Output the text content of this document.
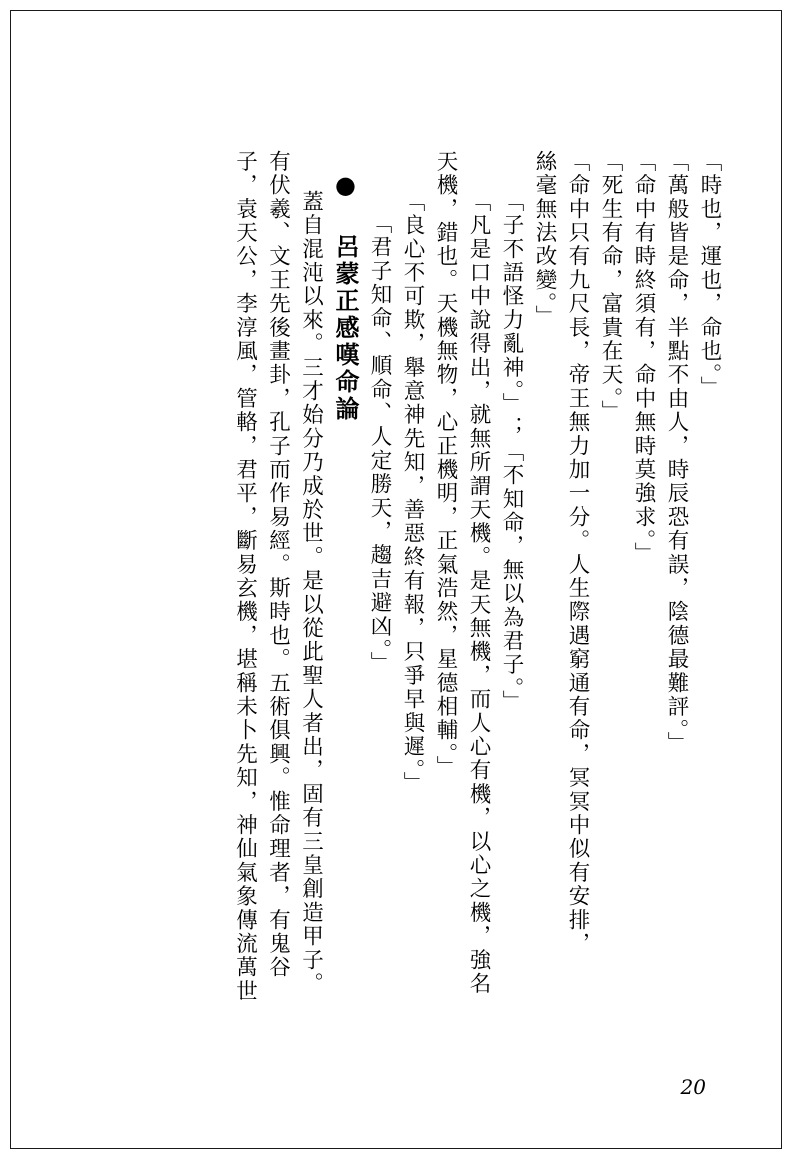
「時也，運也，命也。」
「萬般皆是命，半點不由人，時辰恐有誤，陰德最難評。」
「命中有時終須有，命中無時莫強求。」
「死生有命，富貴在天。」
「命中只有九尺長，帝王無力加一分。人生際遇窮通有命，冥冥中似有安排，
絲毫無法改變。」
「子不語怪力亂神。」；「不知命，無以為君子。」
「凡是口中說得出，就無所謂天機。是天無機，而人心有機，以心之機，強名
天機，錯也。天機無物，心正機明，正氣浩然，星德相輔。」
「良心不可欺，舉意神先知，善惡終有報，只爭早與遲。」
「君子知命、順命、人定勝天，趨吉避凶。」
● 呂蒙正感嘆命論
蓋自混沌以來。三才始分乃成於世。是以從此聖人者出，固有三皇創造甲子。
有伏羲、文王先後畫卦，孔子而作易經。斯時也。五術俱興。惟命理者，有鬼谷
子，袁天公，李淳風，管輅，君平，斷易玄機，堪稱未卜先知，神仙氣象傳流萬世
20
